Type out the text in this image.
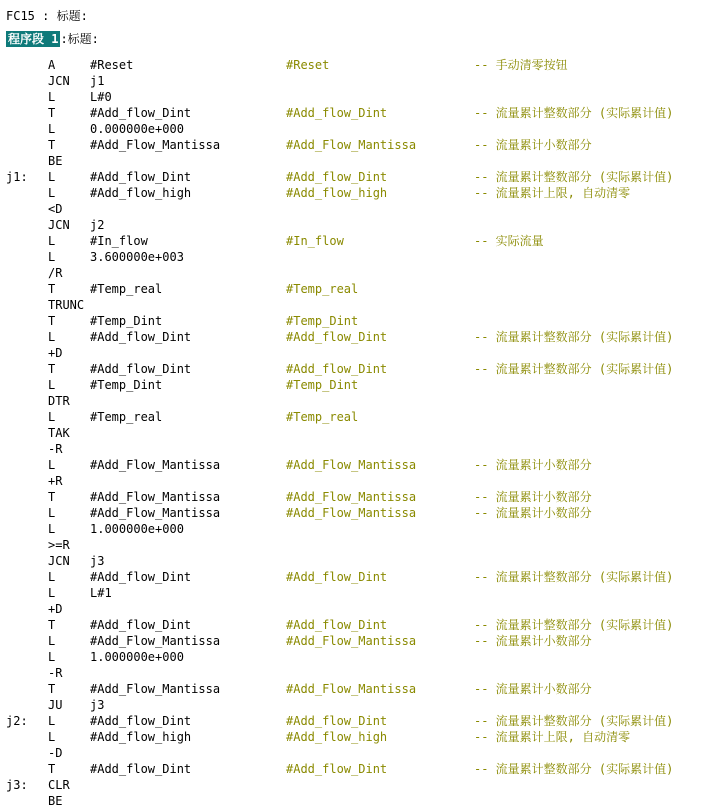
FC15 : 标题:
程序段 1 :标题:
A	#Reset	#Reset	-- 手动清零按钮
JCN j1
L	L#0
T	#Add_flow_Dint	#Add_flow_Dint	-- 流量累计整数部分 (实际累计值)
L	0.000000e+000
T	#Add_Flow_Mantissa	#Add_Flow_Mantissa	-- 流量累计小数部分
BE
j1: L	#Add_flow_Dint	#Add_flow_Dint	-- 流量累计整数部分 (实际累计值)
L	#Add_flow_high	#Add_flow_high	-- 流量累计上限, 自动清零
<D
JCN j2
L	#In_flow	#In_flow	-- 实际流量
L	3.600000e+003
/R
T	#Temp_real	#Temp_real
TRUNC
T	#Temp_Dint	#Temp_Dint
L	#Add_flow_Dint	#Add_flow_Dint	-- 流量累计整数部分 (实际累计值)
+D
T	#Add_flow_Dint	#Add_flow_Dint	-- 流量累计整数部分 (实际累计值)
L	#Temp_Dint	#Temp_Dint
DTR
L	#Temp_real	#Temp_real
TAK
-R
L	#Add_Flow_Mantissa	#Add_Flow_Mantissa	-- 流量累计小数部分
+R
T	#Add_Flow_Mantissa	#Add_Flow_Mantissa	-- 流量累计小数部分
L	#Add_Flow_Mantissa	#Add_Flow_Mantissa	-- 流量累计小数部分
L	1.000000e+000
>=R
JCN j3
L	#Add_flow_Dint	#Add_flow_Dint	-- 流量累计整数部分 (实际累计值)
L	L#1
+D
T	#Add_flow_Dint	#Add_flow_Dint	-- 流量累计整数部分 (实际累计值)
L	#Add_Flow_Mantissa	#Add_Flow_Mantissa	-- 流量累计小数部分
L	1.000000e+000
-R
T	#Add_Flow_Mantissa	#Add_Flow_Mantissa	-- 流量累计小数部分
JU j3
j2: L	#Add_flow_Dint	#Add_flow_Dint	-- 流量累计整数部分 (实际累计值)
L	#Add_flow_high	#Add_flow_high	-- 流量累计上限, 自动清零
-D
T	#Add_flow_Dint	#Add_flow_Dint	-- 流量累计整数部分 (实际累计值)
j3: CLR
BE
